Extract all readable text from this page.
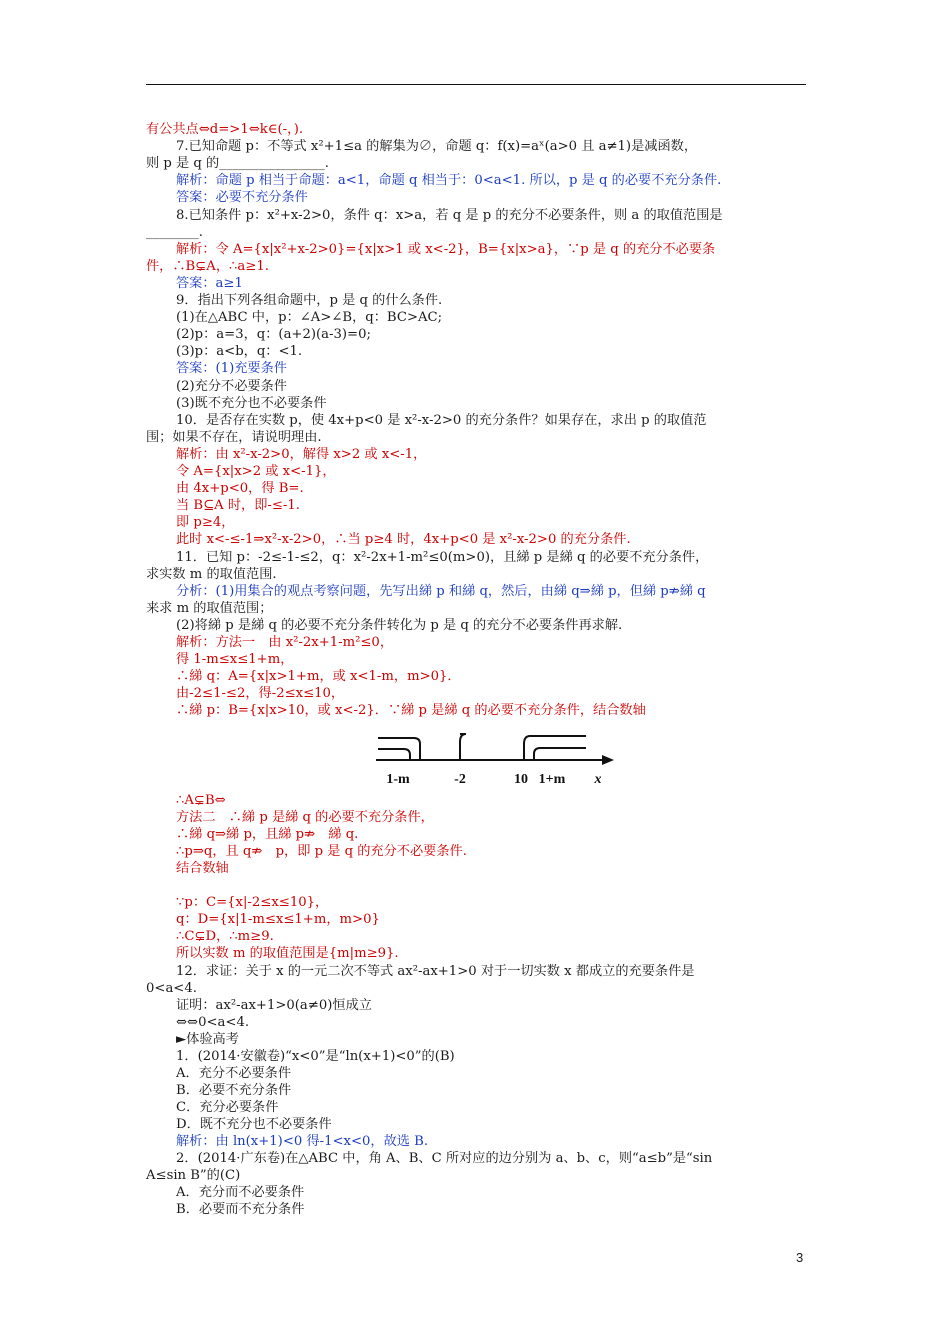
有公共点⇔d=>1⇔k∈(-，).
7.已知命题 p：不等式 x²+1≤a 的解集为∅，命题 q：f(x)=aˣ(a>0 且 a≠1)是减函数，
则 p 是 q 的________________.
解析：命题 p 相当于命题：a<1，命题 q 相当于：0<a<1. 所以，p 是 q 的必要不充分条件.
答案：必要不充分条件
8.已知条件 p：x²+x-2>0，条件 q：x>a，若 q 是 p 的充分不必要条件，则 a 的取值范围是
________.
解析：令 A={x|x²+x-2>0}={x|x>1 或 x<-2}，B={x|x>a}，∵p 是 q 的充分不必要条
件，∴B⊊A，∴a≥1.
答案：a≥1
9．指出下列各组命题中，p 是 q 的什么条件.
(1)在△ABC 中，p：∠A>∠B，q：BC>AC;
(2)p：a=3，q：(a+2)(a-3)=0;
(3)p：a<b，q：<1.
答案：(1)充要条件
(2)充分不必要条件
(3)既不充分也不必要条件
10．是否存在实数 p，使 4x+p<0 是 x²-x-2>0 的充分条件？如果存在，求出 p 的取值范
围；如果不存在，请说明理由.
解析：由 x²-x-2>0，解得 x>2 或 x<-1，
令 A={x|x>2 或 x<-1}，
由 4x+p<0，得 B=.
当 B⊆A 时，即-≤-1.
即 p≥4，
此时 x<-≤-1⇒x²-x-2>0，∴当 p≥4 时，4x+p<0 是 x²-x-2>0 的充分条件.
11．已知 p：-2≤-1-≤2，q：x²-2x+1-m²≤0(m>0)，且綈 p 是綈 q 的必要不充分条件，
求实数 m 的取值范围.
分析：(1)用集合的观点考察问题，先写出綈 p 和綈 q，然后，由綈 q⇒綈 p，但綈 p⇏綈 q
来求 m 的取值范围；
(2)将綈 p 是綈 q 的必要不充分条件转化为 p 是 q 的充分不必要条件再求解.
解析：方法一　由 x²-2x+1-m²≤0，
得 1-m≤x≤1+m，
∴綈 q：A={x|x>1+m，或 x<1-m，m>0}．
由-2≤1-≤2，得-2≤x≤10，
∴綈 p：B={x|x>10，或 x<-2}．∵綈 p 是綈 q 的必要不充分条件，结合数轴
1-m	-2	10 1+m x
∴A⊊B⇔
方法二　∴綈 p 是綈 q 的必要不充分条件，
∴綈 q⇒綈 p，且綈 p⇏　綈 q.
∴p⇒q，且 q⇏　p，即 p 是 q 的充分不必要条件.
结合数轴
∵p：C={x|-2≤x≤10}，
q：D={x|1-m≤x≤1+m，m>0}
∴C⊊D，∴m≥9.
所以实数 m 的取值范围是{m|m≥9}.
12．求证：关于 x 的一元二次不等式 ax²-ax+1>0 对于一切实数 x 都成立的充要条件是
0<a<4.
证明：ax²-ax+1>0(a≠0)恒成立
⇔⇔0<a<4.
►体验高考
1．(2014·安徽卷)“x<0”是“ln(x+1)<0”的(B)
A．充分不必要条件
B．必要不充分条件
C．充分必要条件
D．既不充分也不必要条件
解析：由 ln(x+1)<0 得-1<x<0，故选 B.
2．(2014·广东卷)在△ABC 中，角 A、B、C 所对应的边分别为 a、b、c，则“a≤b”是“sin
A≤sin B”的(C)
A．充分而不必要条件
B．必要而不充分条件
3
